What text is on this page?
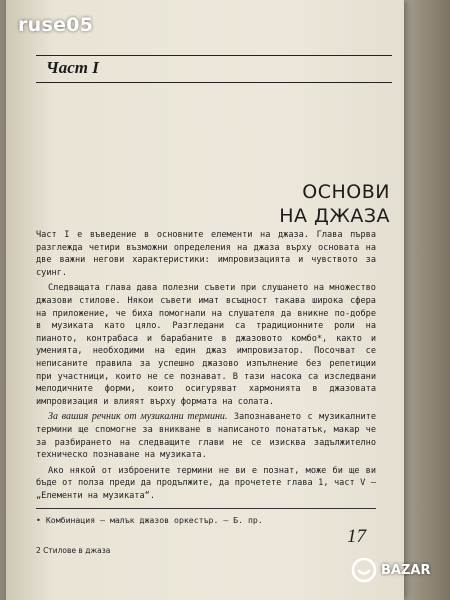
ruse05
Част I
ОСНОВИ
НА ДЖАЗА

Част I е въведение в основните елементи на джаза. Глава първа разглежда четири възможни определения на джаза върху основата на две важни негови характеристики: импровизацията и чувството за суинг.

Следващата глава дава полезни съвети при слушането на множество джазови стилове. Някои съвети имат всъщност такава широка сфера на приложение, че биха помогнали на слушателя да вникне по-добре в музиката като цяло. Разгледани са традиционните роли на пианото, контрабаса и барабаните в джазовото комбо*, както и уменията, необходими на един джаз импровизатор. Посочват се неписаните правила за успешно джазово изпълнение без репетиции при участници, които не се познават. В тази насока са изследвани мелодичните форми, които осигуряват хармонията в джазовата импровизация и влияят върху формата на солата.

За вашия речник от музикални термини. Запознаването с музикалните термини ще спомогне за вникване в написаното понататък, макар че за разбирането на следващите глави не се изисква задължително техническо познаване на музиката.

Ако някой от изброените термини не ви е познат, може би ще ви бъде от полза преди да продължите, да прочетете глава 1, част V — „Елементи на музиката“.

• Комбинация — малък джазов оркестър. — Б. пр.
2 Стилове в джаза
17
BAZAR
